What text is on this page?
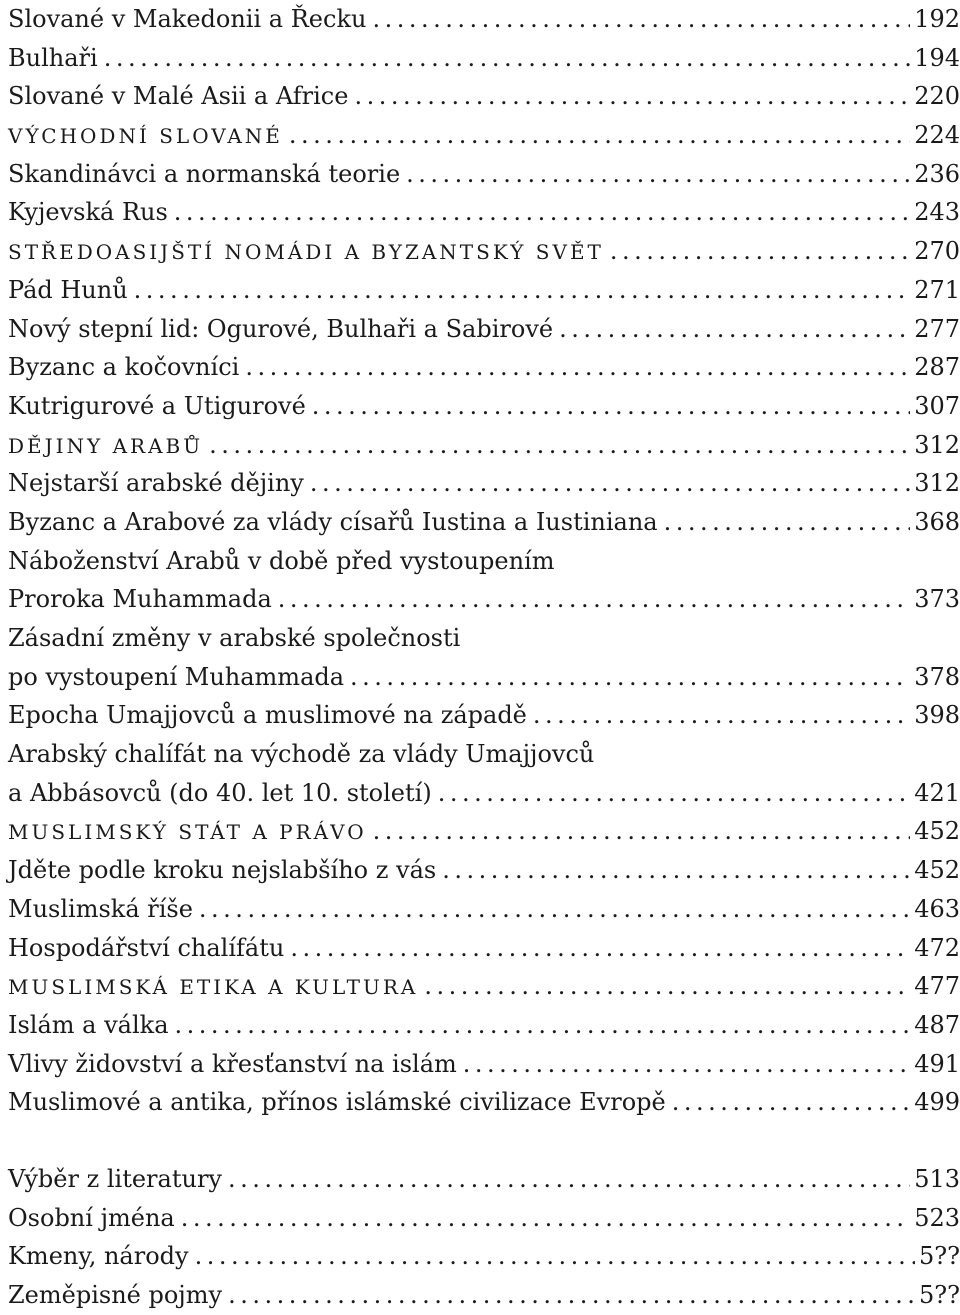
Slované v Makedonii a Řecku .....	192
Bulhaři .....	194
Slované v Malé Asii a Africe .....	220
VÝCHODNÍ SLOVANÉ .....	224
Skandinávci a normanská teorie .....	236
Kyjevská Rus .....	243
STŘEDOASIJŠTÍ NOMÁDI A BYZANTSKÝ SVĚT .....	270
Pád Hunů .....	271
Nový stepní lid: Ogurové, Bulhaři a Sabirové .....	277
Byzanc a kočovníci .....	287
Kutrigurové a Utigurové .....	307
DĚJINY ARABŮ .....	312
Nejstarší arabské dějiny .....	312
Byzanc a Arabové za vlády císařů Iustina a Iustiniana .....	368
Náboženství Arabů v době před vystoupením
Proroka Muhammada .....	373
Zásadní změny v arabské společnosti
po vystoupení Muhammada .....	378
Epocha Umajjovců a muslimové na západě .....	398
Arabský chalífát na východě za vlády Umajjovců
a Abbásovců (do 40. let 10. století) .....	421
MUSLIMSKÝ STÁT A PRÁVO .....	452
Jděte podle kroku nejslabšího z vás .....	452
Muslimská říše .....	463
Hospodářství chalífátu .....	472
MUSLIMSKÁ ETIKA A KULTURA .....	477
Islám a válka .....	487
Vlivy židovství a křesťanství na islám .....	491
Muslimové a antika, přínos islámské civilizace Evropě .....	499
Výběr z literatury .....	513
Osobní jména .....	523
Kmeny, národy .....	5??
Zeměpisné pojmy .....	5??
